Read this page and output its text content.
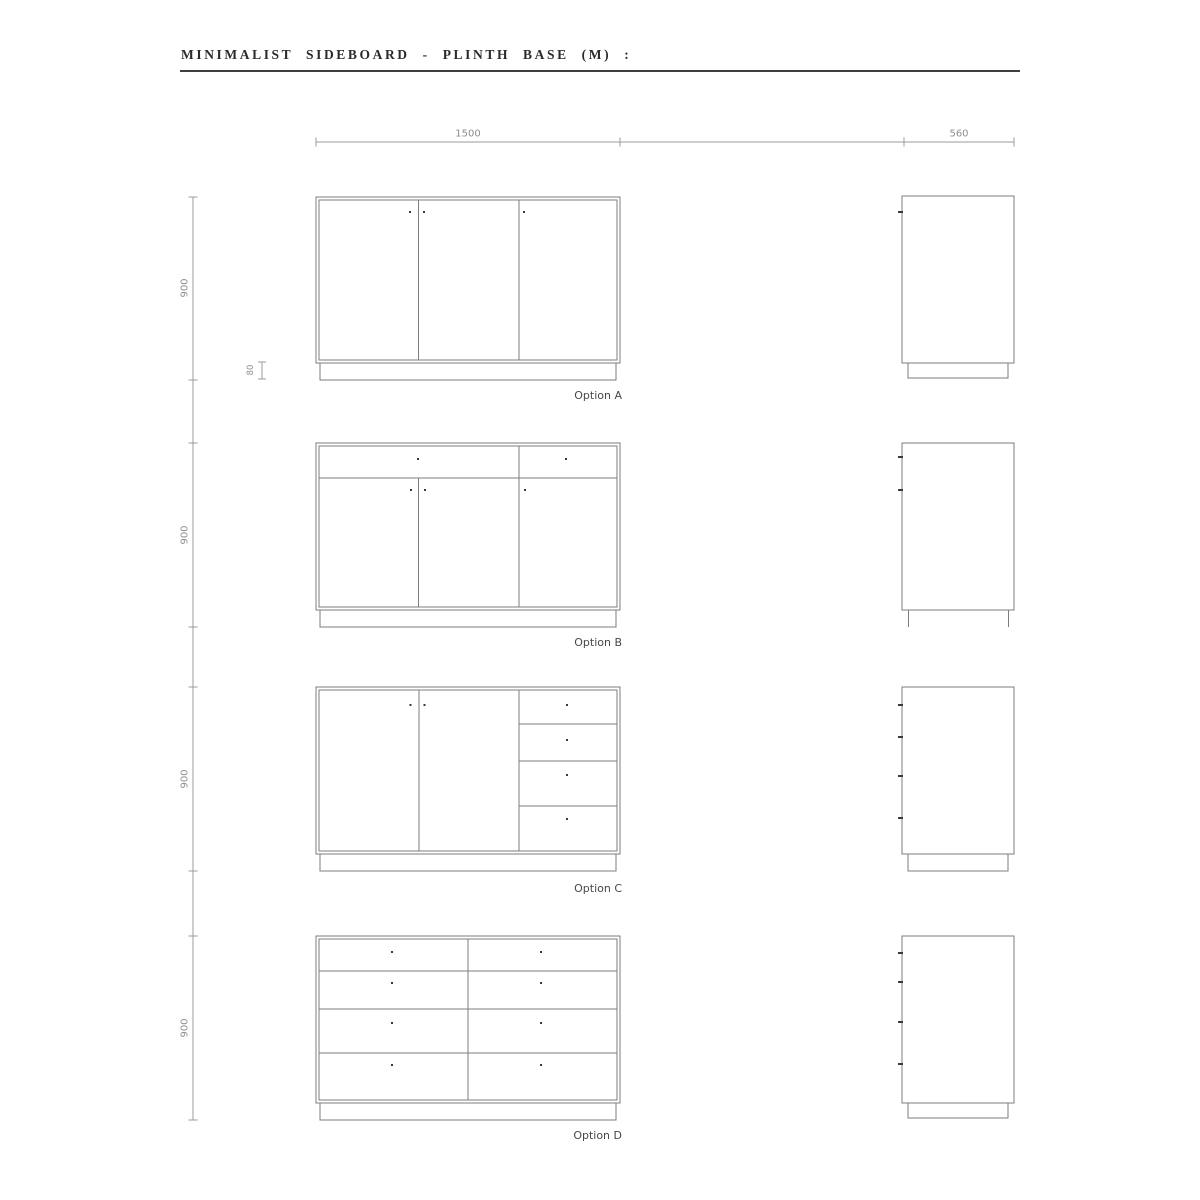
MINIMALIST SIDEBOARD - PLINTH BASE (M) :
1500	560
900
900
900
900
80
Option A
Option B
Option C
Option D
